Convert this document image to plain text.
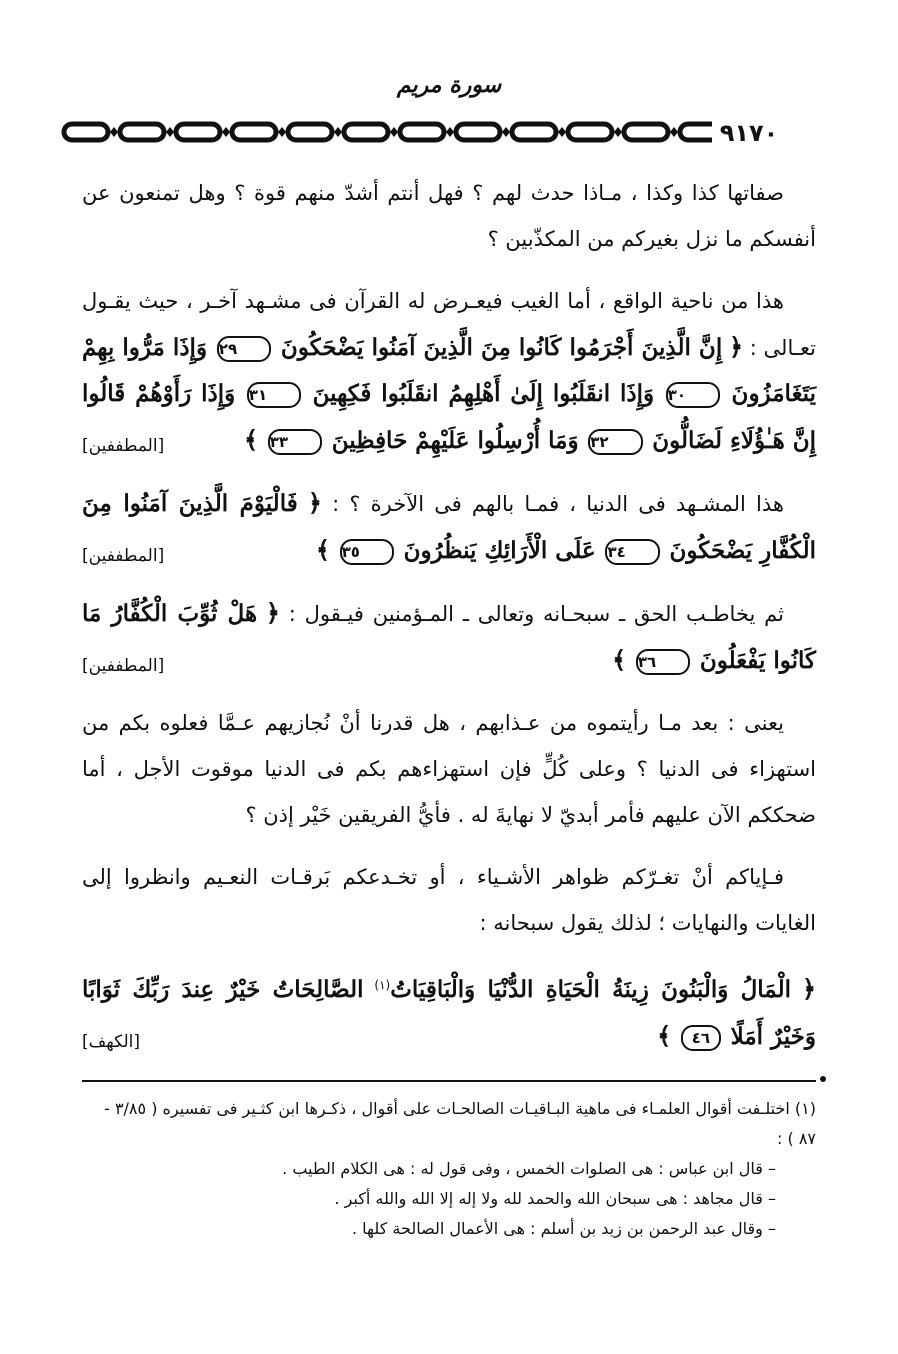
سورة مريم
٩١٧٠

صفاتها كذا وكذا ، مـاذا حدث لهم ؟ فهل أنتم أشدّ منهم قوة ؟ وهل تمنعون عن أنفسكم ما نزل بغيركم من المكذّبين ؟

هذا من ناحية الواقع ، أما الغيب فيعـرض له القرآن فى مشـهد آخـر ، حيث يقـول تعـالى : ﴿ إِنَّ الَّذِينَ أَجْرَمُوا كَانُوا مِنَ الَّذِينَ آمَنُوا يَضْحَكُونَ ٢٩ وَإِذَا مَرُّوا بِهِمْ يَتَغَامَزُونَ ٣٠ وَإِذَا انقَلَبُوا إِلَىٰ أَهْلِهِمُ انقَلَبُوا فَكِهِينَ ٣١ وَإِذَا رَأَوْهُمْ قَالُوا إِنَّ هَـٰؤُلَاءِ لَضَالُّونَ ٣٢ وَمَا أُرْسِلُوا عَلَيْهِمْ حَافِظِينَ ٣٣ ﴾
[المطففين]

هذا المشـهد فى الدنيا ، فمـا بالهم فى الآخرة ؟ : ﴿ فَالْيَوْمَ الَّذِينَ آمَنُوا مِنَ الْكُفَّارِ يَضْحَكُونَ ٣٤ عَلَى الْأَرَائِكِ يَنظُرُونَ ٣٥ ﴾
[المطففين]

ثم يخاطـب الحق ـ سبحـانه وتعالى ـ المـؤمنين فيـقول : ﴿ هَلْ ثُوِّبَ الْكُفَّارُ مَا كَانُوا يَفْعَلُونَ ٣٦ ﴾
[المطففين]

يعنى : بعد مـا رأيتموه من عـذابهم ، هل قدرنا أنْ نُجازيهم عـمَّا فعلوه بكم من استهزاء فى الدنيا ؟ وعلى كُلٍّ فإن استهزاءهم بكم فى الدنيا موقوت الأجل ، أما ضحككم الآن عليهم فأمر أبديّ لا نهايةَ له . فأيُّ الفريقين خَيْر إذن ؟

فـإياكم أنْ تغـرّكم ظواهر الأشـياء ، أو تخـدعكم بَرقـات النعـيم وانظروا إلى الغايات والنهايات ؛ لذلك يقول سبحانه :

﴿ الْمَالُ وَالْبَنُونَ زِينَةُ الْحَيَاةِ الدُّنْيَا وَالْبَاقِيَاتُ$^{(١)}$ الصَّالِحَاتُ خَيْرٌ عِندَ رَبِّكَ ثَوَابًا وَخَيْرٌ أَمَلًا ٤٦ ﴾
[الكهف]

(١) اختلـفت أقوال العلمـاء فى ماهية البـاقيـات الصالحـات على أقوال ، ذكـرها ابن كثـير فى تفسيره ( ٣/٨٥ - ٨٧ ) :

– قال ابن عباس : هى الصلوات الخمس ، وفى قول له : هى الكلام الطيب .

– قال مجاهد : هى سبحان الله والحمد لله ولا إله إلا الله والله أكبر .

– وقال عبد الرحمن بن زيد بن أسلم : هى الأعمال الصالحة كلها .
